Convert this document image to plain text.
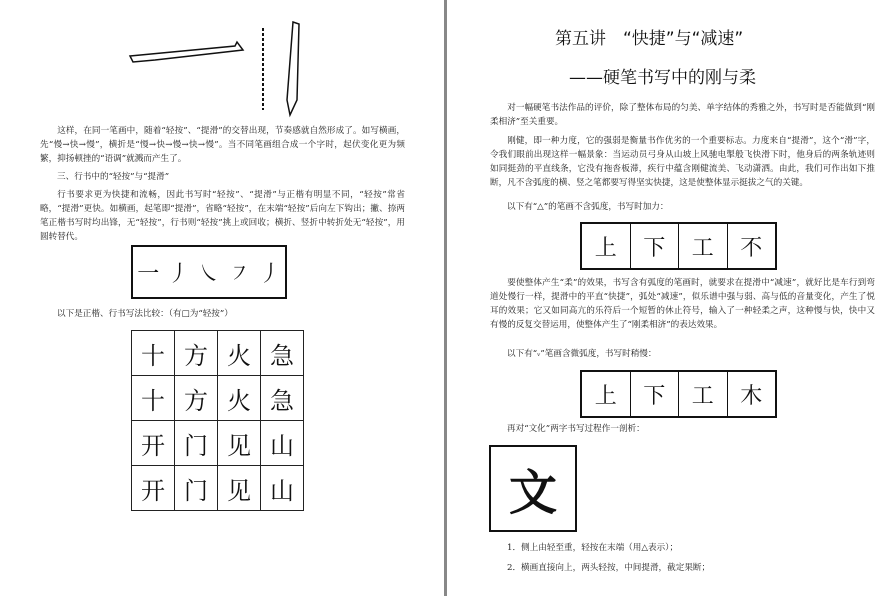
这样，在同一笔画中，随着“轻按”、“提滑”的交替出现，节奏感就自然形成了。如写横画，先“慢→快→慢”，横折是“慢→快→慢→快→慢”。当不同笔画组合成一个字时，起伏变化更为频繁，抑扬顿挫的“语调”就溅而产生了。
三、行书中的“轻按”与“提滑”
行书要求更为快捷和流畅，因此书写时“轻按”、“提滑”与正楷有明显不同，“轻按”常省略，“提滑”更快。如横画，起笔即“提滑”，省略“轻按”，在末端“轻按”后向左下钩出；撇、捺两笔正楷书写时均出锋，无“轻按”，行书则“轻按”挑上或回收；横折、竖折中转折处无“轻按”，用圆转替代。
一 丿 ㇏ ㇇ 丿
以下是正楷、行书写法比较：（有□为“轻按”）
十	方	火	急
十	方	火	急
开	门	见	山
开	门	见	山
第五讲　“快捷”与“减速”
——硬笔书写中的刚与柔
对一幅硬笔书法作品的评价，除了整体布局的匀美、单字结体的秀雅之外，书写时是否能做到“刚柔相济”至关重要。
刚健，即一种力度，它的强弱是衡量书作优劣的一个重要标志。力度来自“提滑”，这个“滑”字，令我们眼前出现这样一幅景象：当运动员弓身从山坡上风驰电掣般飞快滑下时，他身后的两条轨迹则如同挺劲的平直线条，它没有拖沓板滞，疾行中蕴含刚健流美、飞动潇洒。由此，我们可作出如下推断，凡不含弧度的横、竖之笔都要写得坚实快捷，这是使整体显示挺拔之气的关键。
以下有“△”的笔画不含弧度，书写时加力：
上	下	工	不
要使整体产生“柔”的效果，书写含有弧度的笔画时，就要求在提滑中“减速”，就好比是车行到弯道处慢行一样，提滑中的平直“快捷”，弧处“减速”，似乐谱中强与弱、高与低的音量变化，产生了悦耳的效果；它又如同高亢的乐符后一个短暂的休止符号，输入了一种轻柔之声，这种慢与快，快中又有慢的反复交替运用，使整体产生了“刚柔相济”的表达效果。
以下有“ᵥ”笔画含微弧度，书写时稍慢：
上	下	工	木
再对“文化”两字书写过程作一剖析：
文
1．侧上由轻至重，轻按在末端（用△表示）；
2．横画直接向上，两头轻按，中间提滑，截定果断；
